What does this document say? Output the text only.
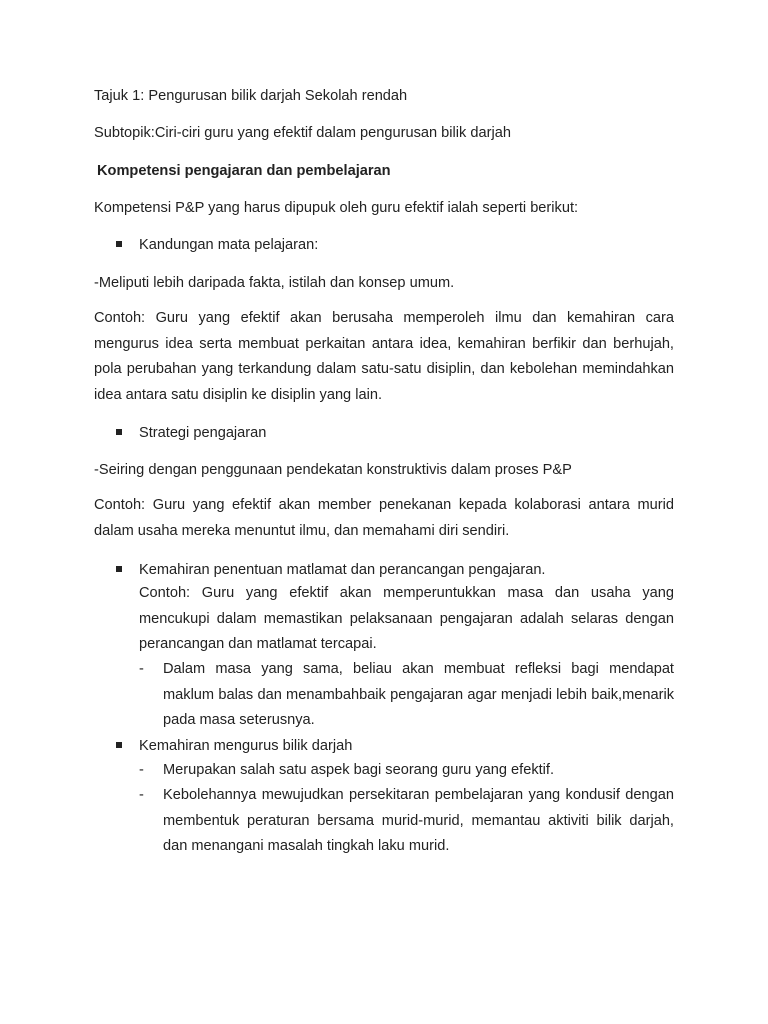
Tajuk 1: Pengurusan bilik darjah Sekolah rendah
Subtopik:Ciri-ciri guru yang efektif dalam pengurusan bilik darjah
Kompetensi pengajaran dan pembelajaran
Kompetensi P&P yang harus dipupuk oleh guru efektif ialah seperti berikut:
Kandungan mata pelajaran:
-Meliputi lebih daripada fakta, istilah dan konsep umum.
Contoh: Guru yang efektif akan berusaha memperoleh ilmu dan kemahiran cara mengurus idea serta membuat perkaitan antara idea, kemahiran berfikir dan berhujah, pola perubahan yang terkandung dalam satu-satu disiplin, dan kebolehan memindahkan idea antara satu disiplin ke disiplin yang lain.
Strategi pengajaran
-Seiring dengan penggunaan pendekatan konstruktivis dalam proses P&P
Contoh: Guru yang efektif akan member penekanan kepada kolaborasi antara murid dalam usaha mereka menuntut ilmu, dan memahami diri sendiri.
Kemahiran penentuan matlamat dan perancangan pengajaran.
Contoh: Guru yang efektif akan memperuntukkan masa dan usaha yang mencukupi dalam memastikan pelaksanaan pengajaran adalah selaras dengan perancangan dan matlamat tercapai.
- Dalam masa yang sama, beliau akan membuat refleksi bagi mendapat maklum balas dan menambahbaik pengajaran agar menjadi lebih baik,menarik pada masa seterusnya.
Kemahiran mengurus bilik darjah
- Merupakan salah satu aspek bagi seorang guru yang efektif.
- Kebolehannya mewujudkan persekitaran pembelajaran yang kondusif dengan membentuk peraturan bersama murid-murid, memantau aktiviti bilik darjah, dan menangani masalah tingkah laku murid.
